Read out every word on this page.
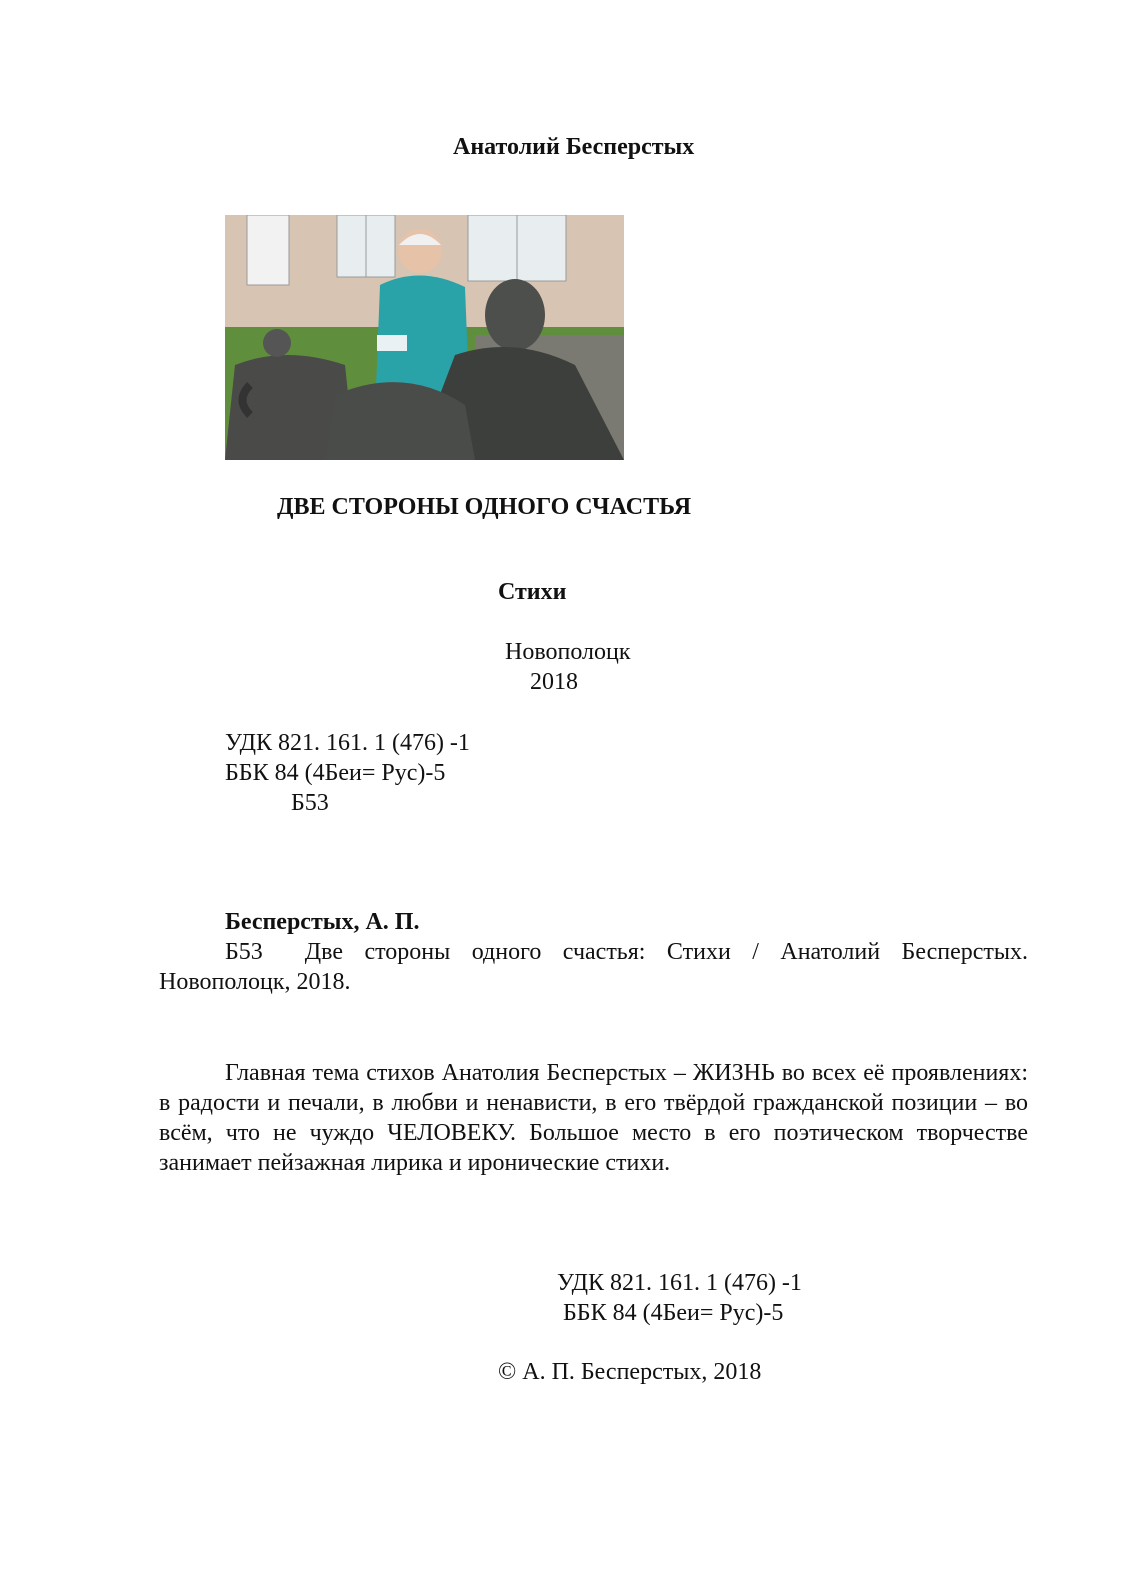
Анатолий Бесперстых
ДВЕ СТОРОНЫ ОДНОГО СЧАСТЬЯ
Стихи
Новополоцк
2018
УДК 821. 161. 1 (476) -1
ББК 84 (4Беи= Рус)-5
Б53
Бесперстых, А. П.
Б53 Две стороны одного счастья: Стихи / Анатолий Бесперстых. Новополоцк, 2018.
Главная тема стихов Анатолия Бесперстых – ЖИЗНЬ во всех её проявлениях: в радости и печали, в любви и ненависти, в его твёрдой гражданской позиции – во всём, что не чуждо ЧЕЛОВЕКУ. Большое место в его поэтическом творчестве занимает пейзажная лирика и иронические стихи.
УДК 821. 161. 1 (476) -1
ББК 84 (4Беи= Рус)-5
© А. П. Бесперстых, 2018
